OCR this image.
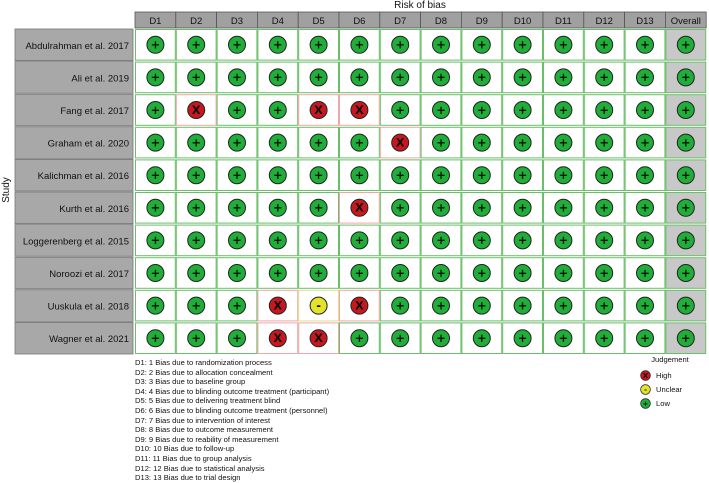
Risk of bias
Study
D1	D2	D3	D4	D5	D6	D7	D8	D9	D10 D11 D12 D13 Overall
Abdulrahman et al. 2017 +	+	+	+	+	+	+	+	+	+	+	+	+	+
Ali et al. 2019 +	+	+	+	+	+	+	+	+	+	+	+	+	+
Fang et al. 2017 +	X	+	+	X	X	+	+	+	+	+	+	+	+
Graham et al. 2020 +	+	+	+	+	+	X	+	+	+	+	+	+	+
Kalichman et al. 2016 +	+	+	+	+	+	+	+	+	+	+	+	+	+
Kurth et al. 2016 +	+	+	+	+	X	+	+	+	+	+	+	+	+
Loggerenberg et al. 2015 +	+	+	+	+	+	+	+	+	+	+	+	+	+
Noroozi et al. 2017 +	+	+	+	+	+	+	+	+	+	+	+	+	+
Uuskula et al. 2018 +	+	+	X	-	X	+	+	+	+	+	+	+	+
Wagner et al. 2021 +	+	+	X	X	+	+	+	+	+	+	+	+	+
D1: 1 Bias due to randomization process
D2: 2 Bias due to allocation concealment
D3: 3 Bias due to baseline group
D4: 4 Bias due to blinding outcome treatment (participant)
D5: 5 Bias due to delivering treatment blind
D6: 6 Bias due to blinding outcome treatment (personnel)
D7: 7 Bias due to intervention of interest
D8: 8 Bias due to outcome measurement
D9: 9 Bias due to reability of measurement
D10: 10 Bias due to follow-up
D11: 11 Bias due to group analysis
D12: 12 Bias due to statistical analysis
D13: 13 Bias due to trial design
Judgement
X High
- Unclear
+ Low
